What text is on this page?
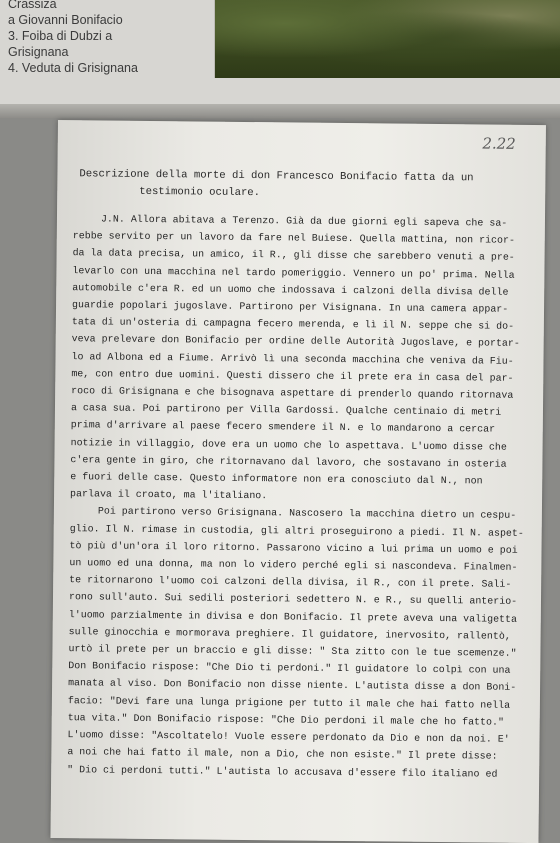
Crassiza
a Giovanni Bonifacio
3. Foiba di Dubzi a
Grisignana
4. Veduta di Grisignana
2.22
Descrizione della morte di don Francesco Bonifacio fatta da un
testimonio oculare.
J.N. Allora abitava a Terenzo. Già da due giorni egli sapeva che sa-
rebbe servito per un lavoro da fare nel Buiese. Quella mattina, non ricor-
da la data precisa, un amico, il R., gli disse che sarebbero venuti a pre-
levarlo con una macchina nel tardo pomeriggio. Vennero un po' prima. Nella
automobile c'era R. ed un uomo che indossava i calzoni della divisa delle
guardie popolari jugoslave. Partirono per Visignana. In una camera appar-
tata di un'osteria di campagna fecero merenda, e lì il N. seppe che si do-
veva prelevare don Bonifacio per ordine delle Autorità Jugoslave, e portar-
lo ad Albona ed a Fiume. Arrivò lì una seconda macchina che veniva da Fiu-
me, con entro due uomini. Questi dissero che il prete era in casa del par-
roco di Grisignana e che bisognava aspettare di prenderlo quando ritornava
a casa sua. Poi partirono per Villa Gardossi. Qualche centinaio di metri
prima d'arrivare al paese fecero smendere il N. e lo mandarono a cercar
notizie in villaggio, dove era un uomo che lo aspettava. L'uomo disse che
c'era gente in giro, che ritornavano dal lavoro, che sostavano in osteria
e fuori delle case. Questo informatore non era conosciuto dal N., non
parlava il croato, ma l'italiano.
Poi partirono verso Grisignana. Nascosero la macchina dietro un cespu-
glio. Il N. rimase in custodia, gli altri proseguirono a piedi. Il N. aspet-
tò più d'un'ora il loro ritorno. Passarono vicino a lui prima un uomo e poi
un uomo ed una donna, ma non lo videro perché egli si nascondeva. Finalmen-
te ritornarono l'uomo coi calzoni della divisa, il R., con il prete. Sali-
rono sull'auto. Sui sedili posteriori sedettero N. e R., su quelli anterio-
l'uomo parzialmente in divisa e don Bonifacio. Il prete aveva una valigetta
sulle ginocchia e mormorava preghiere. Il guidatore, inervosito, rallentò,
urtò il prete per un braccio e gli disse: " Sta zitto con le tue scemenze."
Don Bonifacio rispose: "Che Dio ti perdoni." Il guidatore lo colpì con una
manata al viso. Don Bonifacio non disse niente. L'autista disse a don Boni-
facio: "Devi fare una lunga prigione per tutto il male che hai fatto nella
tua vita." Don Bonifacio rispose: "Che Dio perdoni il male che ho fatto."
L'uomo disse: "Ascoltatelo! Vuole essere perdonato da Dio e non da noi. E'
a noi che hai fatto il male, non a Dio, che non esiste." Il prete disse:
" Dio ci perdoni tutti." L'autista lo accusava d'essere filo italiano ed
